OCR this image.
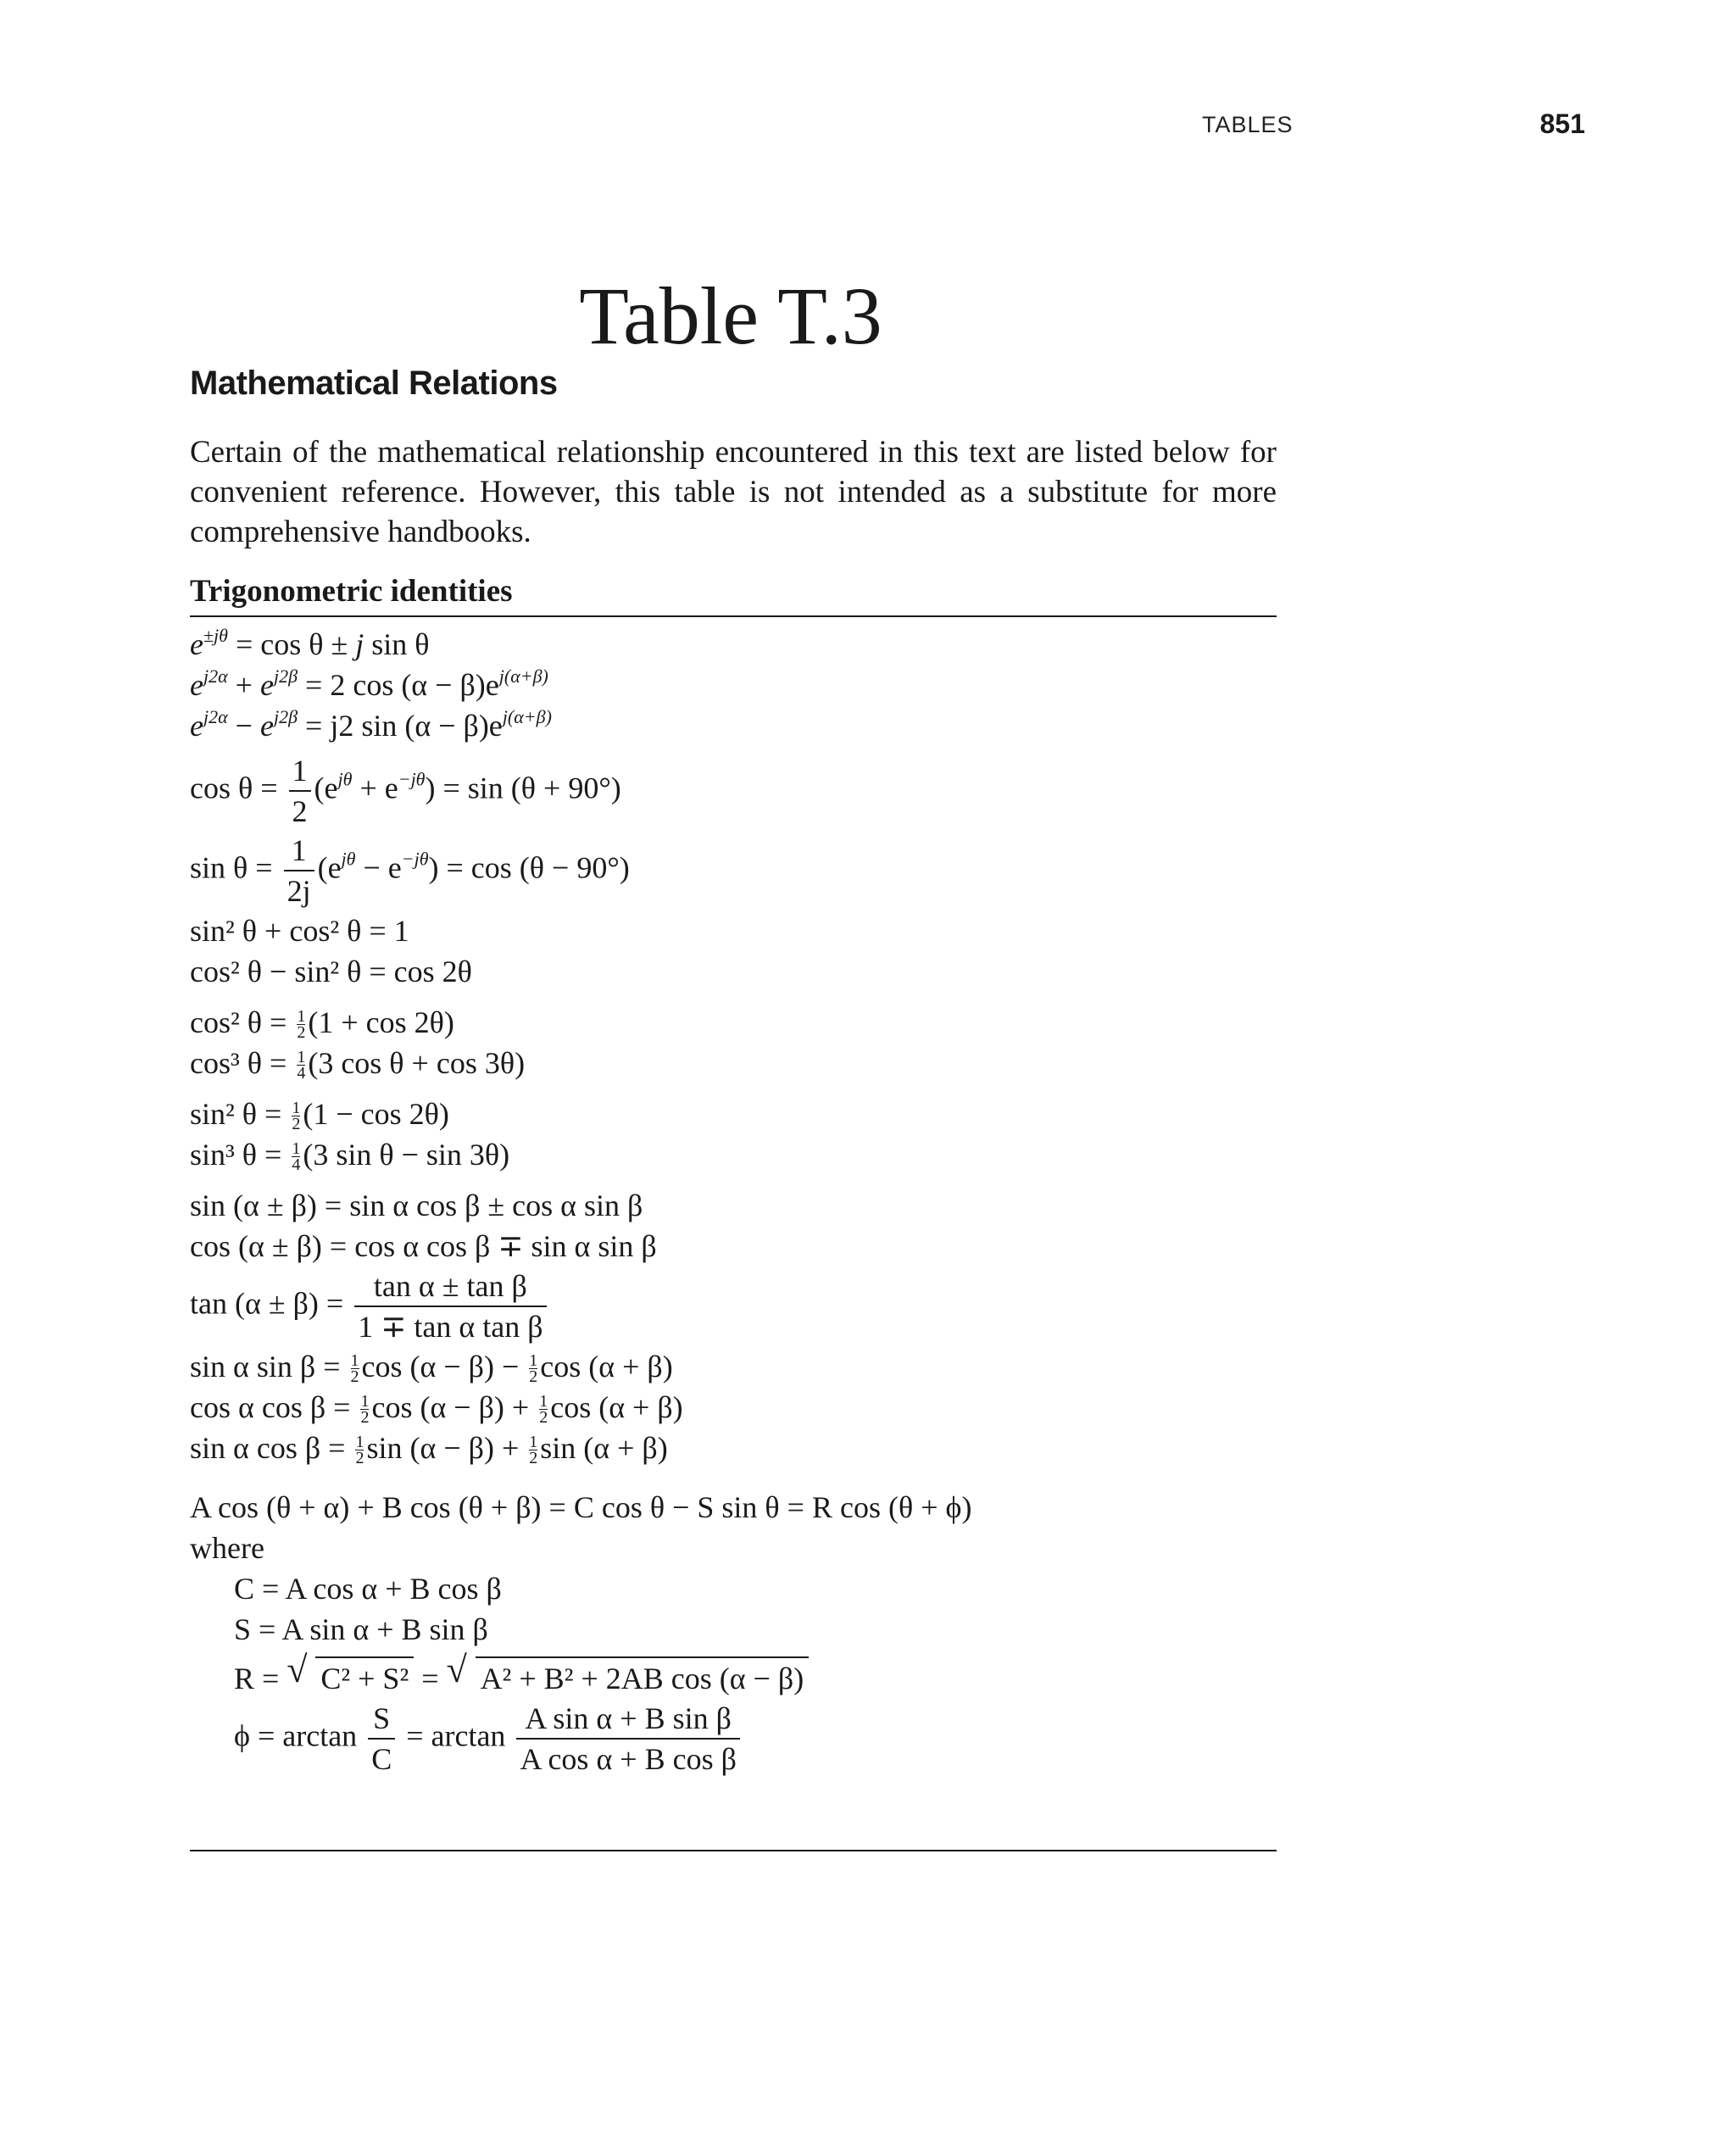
TABLES	851
Table T.3
Mathematical Relations

Certain of the mathematical relationship encountered in this text are listed below for convenient reference. However, this table is not intended as a substitute for more comprehensive handbooks.

Trigonometric identities
$e^{\pm j\theta} = \cos \theta \pm j$ sin θ
$e^{j2\alpha} + e^{j2\beta} = 2$ $\cos (\alpha - \beta)e^{j(\alpha+\beta)}$
$e^{j2\alpha} - e^{j2\beta} = j2$ $\sin (\alpha - \beta)e^{j(\alpha+\beta)}$
$\cos \theta = \frac{1}{2} (e^{j\theta} + e^{-j\theta}) = \sin (\theta + 90^\circ)$
$\sin \theta = \frac{1}{2j} (e^{j\theta} - e^{-j\theta}) = \cos (\theta - 90^\circ)$
sin² θ + cos² θ = 1
cos² θ − sin² θ = cos 2θ
cos² $\theta = \frac{1}{2} (1 + \cos 2\theta)$
cos³ $\theta = \frac{1}{4} (3$ cos θ + cos 3θ)
sin² $\theta = \frac{1}{2} (1 - \cos 2\theta)$
sin³ $\theta = \frac{1}{4} (3$ sin θ − sin 3θ)
sin (α ± β) = sin α cos β ± cos α sin β
cos (α ± β) = cos α cos β ∓ sin α sin β
$\tan (\alpha \pm \beta) = \frac{\text{tan α ± tan β}}{\text{1 ∓ tan α tan β}}$
sin α $\sin \beta = \frac{1}{2}$ $\cos (\alpha - \beta) - \frac{1}{2}$ cos (α + β)
cos α $\cos \beta = \frac{1}{2}$ $\cos (\alpha - \beta) + \frac{1}{2}$ cos (α + β)
sin α $\cos \beta = \frac{1}{2}$ $\sin (\alpha - \beta) + \frac{1}{2}$ sin (α + β)
A cos (θ + α) + B cos (θ + β) = C cos θ − S sin θ = R cos (θ + ϕ)
where
C = A cos α + B cos β
S = A sin α + B sin β
R = √ C² + S² = √ A² + B² + 2AB cos (α − β)
$\phi = \arctan \frac{S}{C} = \arctan \frac{\text{A sin α + B sin β}}{\text{A cos α + B cos β}}$
